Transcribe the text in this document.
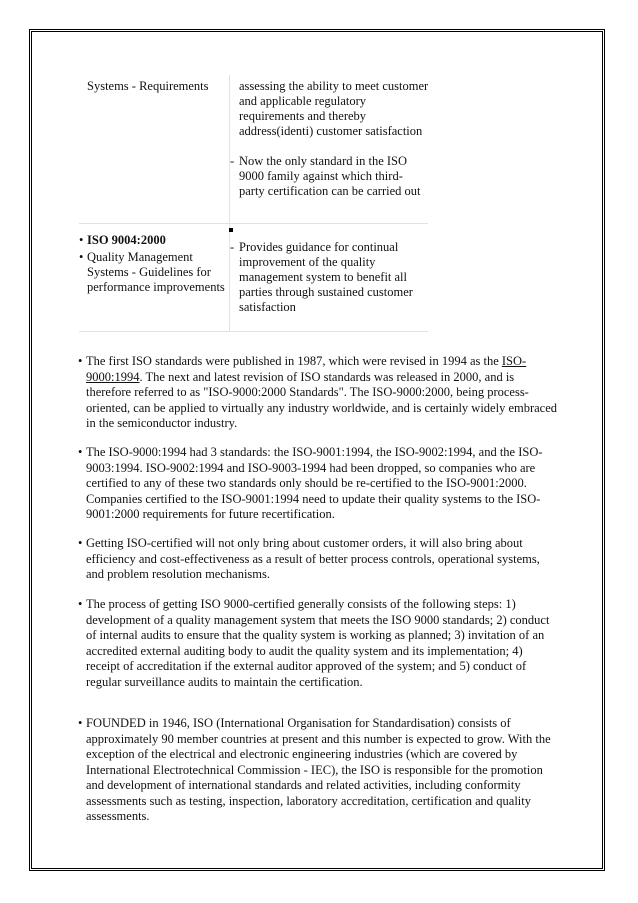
Systems - Requirements assessing the ability to meet customer and applicable regulatory requirements and thereby address(identi) customer satisfaction
- Now the only standard in the ISO 9000 family against which third-party certification can be carried out
- Provides guidance for continual improvement of the quality management system to benefit all parties through sustained customer satisfaction
• ISO 9004:2000
• Quality Management Systems - Guidelines for performance improvements
• The first ISO standards were published in 1987, which were revised in 1994 as the ISO-9000:1994. The next and latest revision of ISO standards was released in 2000, and is therefore referred to as "ISO-9000:2000 Standards". The ISO-9000:2000, being process-oriented, can be applied to virtually any industry worldwide, and is certainly widely embraced in the semiconductor industry.
• The ISO-9000:1994 had 3 standards: the ISO-9001:1994, the ISO-9002:1994, and the ISO-9003:1994. ISO-9002:1994 and ISO-9003-1994 had been dropped, so companies who are certified to any of these two standards only should be re-certified to the ISO-9001:2000. Companies certified to the ISO-9001:1994 need to update their quality systems to the ISO-9001:2000 requirements for future recertification.
• Getting ISO-certified will not only bring about customer orders, it will also bring about efficiency and cost-effectiveness as a result of better process controls, operational systems, and problem resolution mechanisms.
• The process of getting ISO 9000-certified generally consists of the following steps: 1) development of a quality management system that meets the ISO 9000 standards; 2) conduct of internal audits to ensure that the quality system is working as planned; 3) invitation of an accredited external auditing body to audit the quality system and its implementation; 4) receipt of accreditation if the external auditor approved of the system; and 5) conduct of regular surveillance audits to maintain the certification.
• FOUNDED in 1946, ISO (International Organisation for Standardisation) consists of approximately 90 member countries at present and this number is expected to grow. With the exception of the electrical and electronic engineering industries (which are covered by International Electrotechnical Commission - IEC), the ISO is responsible for the promotion and development of international standards and related activities, including conformity assessments such as testing, inspection, laboratory accreditation, certification and quality assessments.
